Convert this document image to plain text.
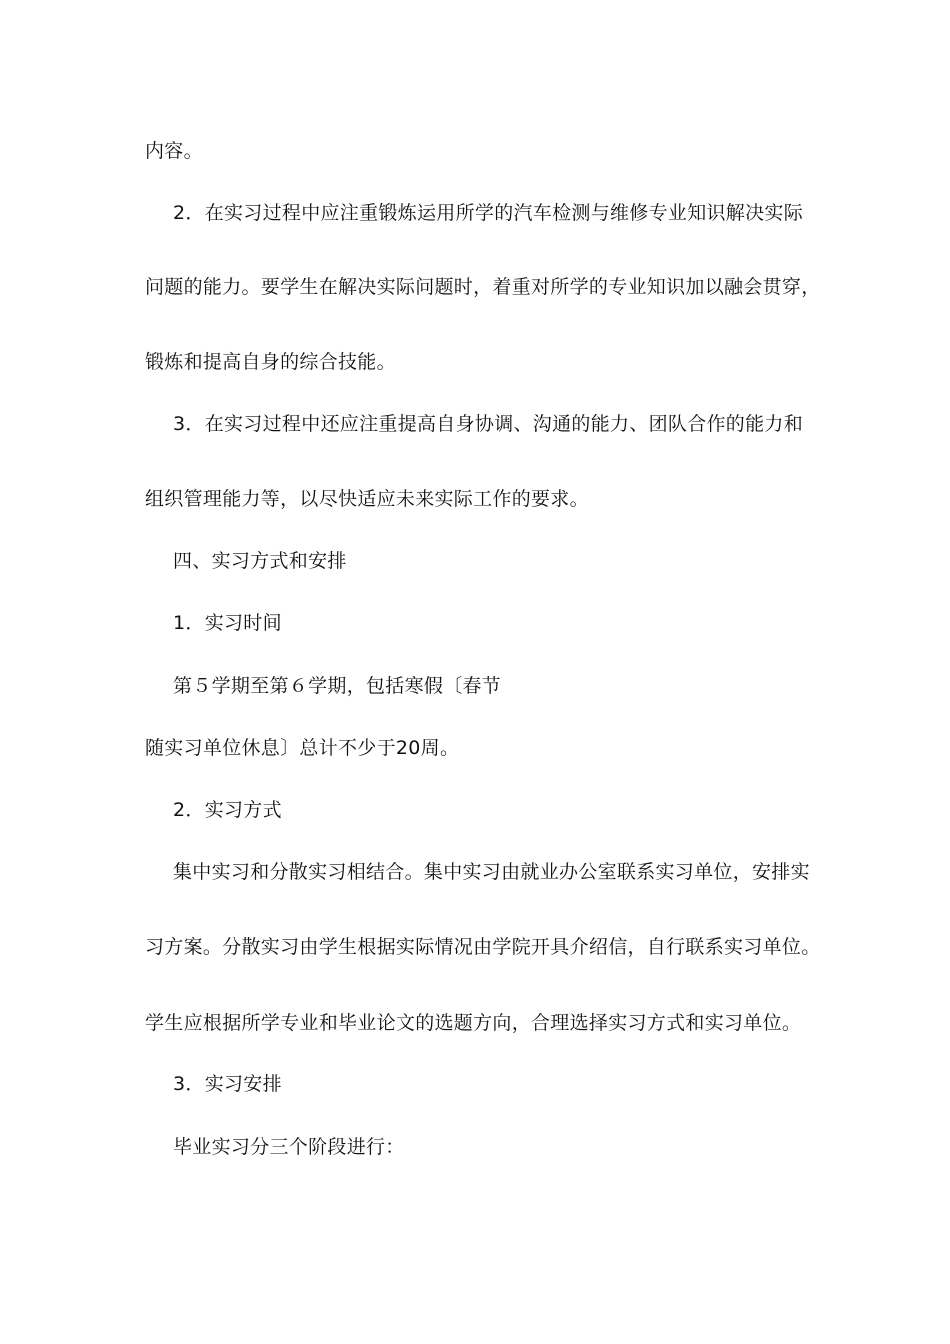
内容。
2．在实习过程中应注重锻炼运用所学的汽车检测与维修专业知识解决实际
问题的能力。要学生在解决实际问题时，着重对所学的专业知识加以融会贯穿，
锻炼和提高自身的综合技能。
3．在实习过程中还应注重提高自身协调、沟通的能力、团队合作的能力和
组织管理能力等，以尽快适应未来实际工作的要求。
四、实习方式和安排
1．实习时间
第５学期至第６学期，包括寒假〔春节
随实习单位休息〕总计不少于20周。
2．实习方式
集中实习和分散实习相结合。集中实习由就业办公室联系实习单位，安排实
习方案。分散实习由学生根据实际情况由学院开具介绍信，自行联系实习单位。
学生应根据所学专业和毕业论文的选题方向，合理选择实习方式和实习单位。
3．实习安排
毕业实习分三个阶段进行：
